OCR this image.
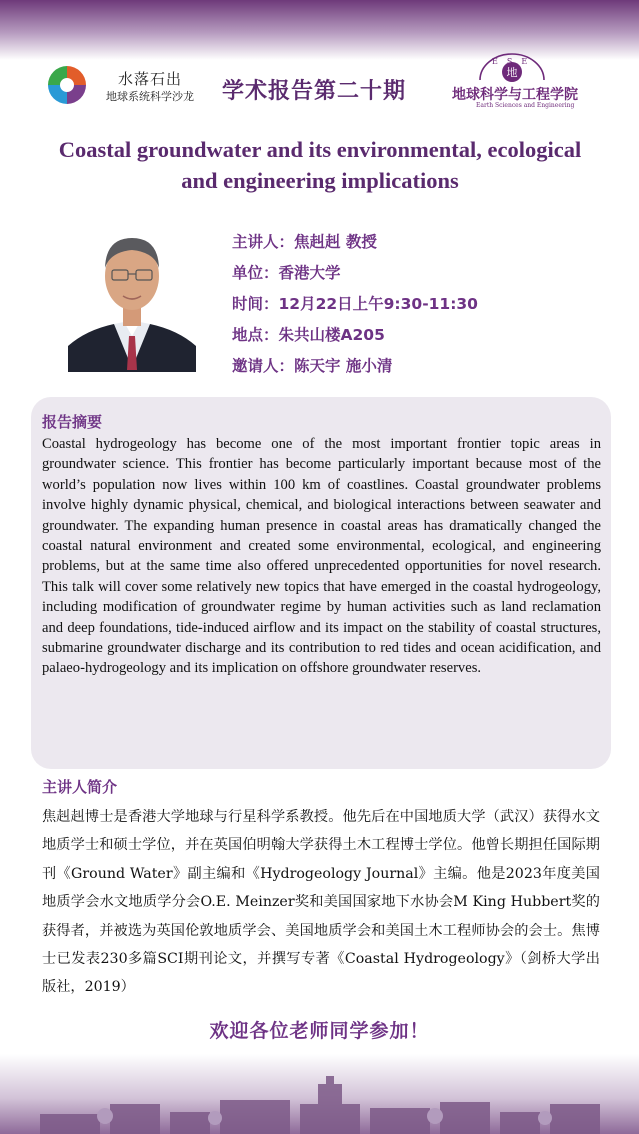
水落石出
地球系统科学沙龙 学术报告第二十期
地
ESE
地球科学与工程学院
Earth Sciences and Engineering
Coastal groundwater and its environmental, ecological
and engineering implications
主讲人：焦赳赳 教授
单位：香港大学
时间：12月22日上午9:30-11:30
地点：朱共山楼A205
邀请人：陈天宇 施小清
报告摘要
Coastal hydrogeology has become one of the most important frontier topic areas in groundwater science. This frontier has become particularly important because most of the world’s population now lives within 100 km of coastlines. Coastal groundwater problems involve highly dynamic physical, chemical, and biological interactions between seawater and groundwater. The expanding human presence in coastal areas has dramatically changed the coastal natural environment and created some environmental, ecological, and engineering problems, but at the same time also offered unprecedented opportunities for novel research. This talk will cover some relatively new topics that have emerged in the coastal hydrogeology, including modification of groundwater regime by human activities such as land reclamation and deep foundations, tide-induced airflow and its impact on the stability of coastal structures, submarine groundwater discharge and its contribution to red tides and ocean acidification, and palaeo-hydrogeology and its implication on offshore groundwater reserves.
主讲人简介
焦赳赳博士是香港大学地球与行星科学系教授。他先后在中国地质大学（武汉）获得水文地质学士和硕士学位，并在英国伯明翰大学获得土木工程博士学位。他曾长期担任国际期刊《Ground Water》副主编和《Hydrogeology Journal》主编。他是2023年度美国地质学会水文地质学分会O.E. Meinzer奖和美国国家地下水协会M King Hubbert奖的获得者，并被选为英国伦敦地质学会、美国地质学会和美国土木工程师协会的会士。焦博士已发表230多篇SCI期刊论文，并撰写专著《Coastal Hydrogeology》（剑桥大学出版社，2019）
欢迎各位老师同学参加！
